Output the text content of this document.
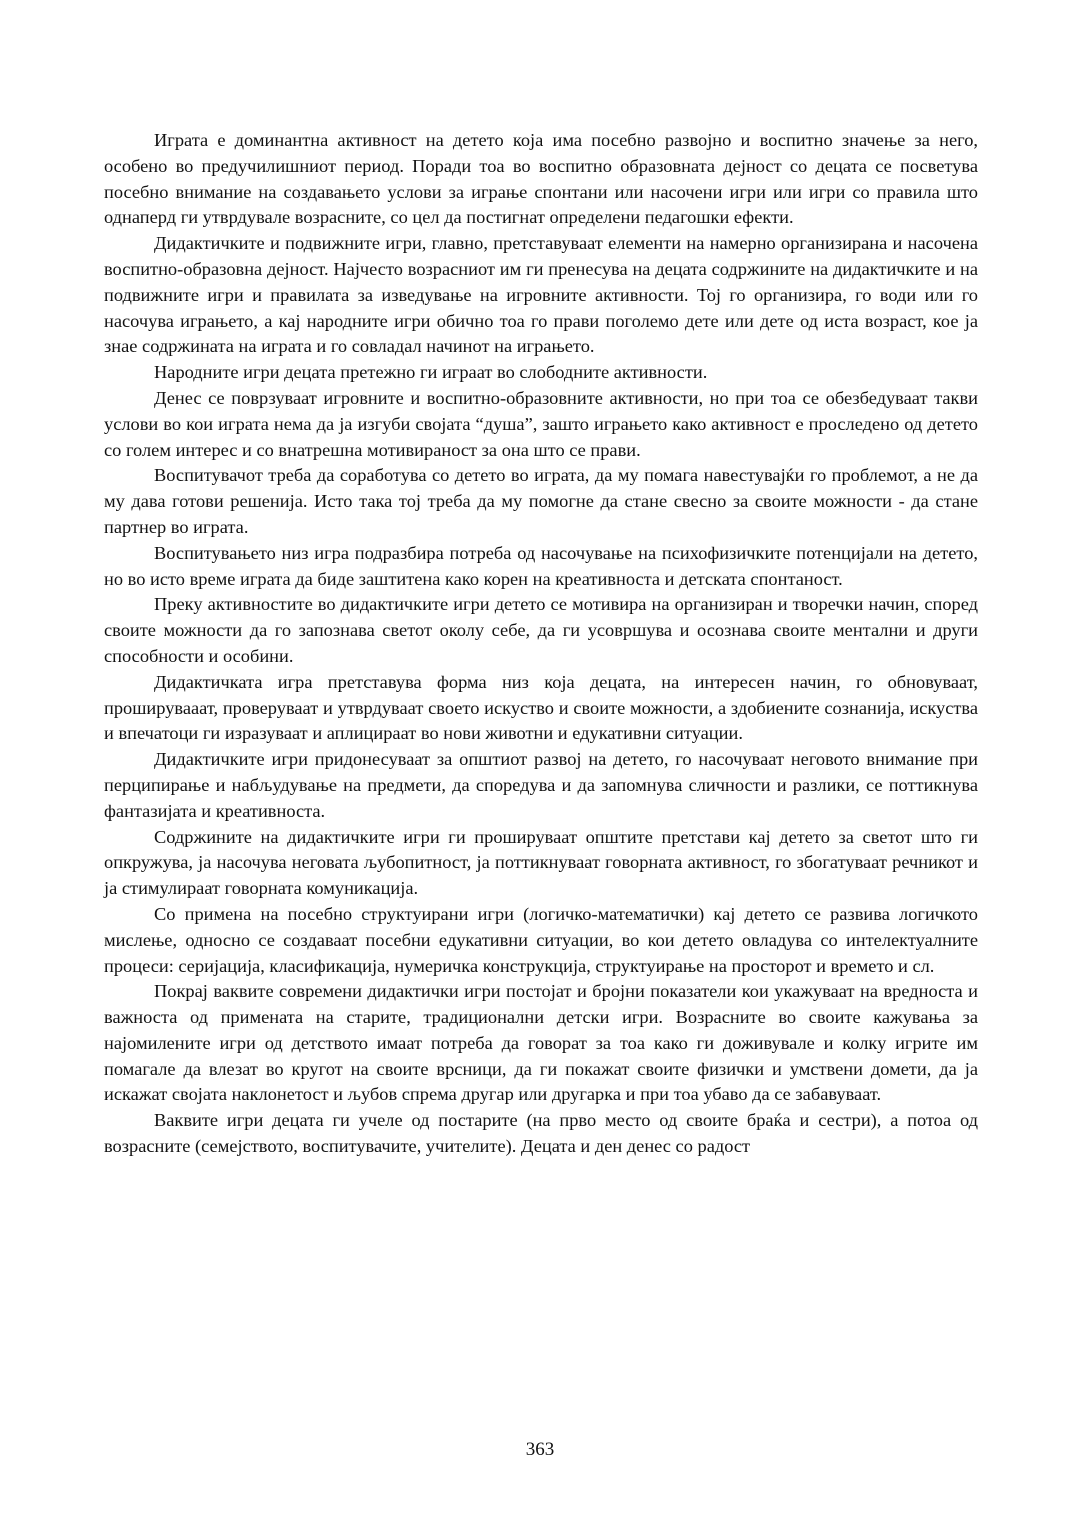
Играта е доминантна активност на детето која има посебно развојно и воспитно значење за него, особено во предучилишниот период. Поради тоа во воспитно образовната дејност со децата се посветува посебно внимание на создавањето услови за играње спонтани или насочени игри или игри со правила што однаперд ги утврдувале возрасните, со цел да постигнат определени педагошки ефекти.

Дидактичките и подвижните игри, главно, претставуваат елементи на намерно организирана и насочена воспитно-образовна дејност. Најчесто возрасниот им ги пренесува на децата содржините на дидактичките и на подвижните игри и правилата за изведување на игровните активности. Тој го организира, го води или го насочува играњето, а кај народните игри обично тоа го прави поголемо дете или дете од иста возраст, кое ја знае содржината на играта и го совладал начинот на играњето.

Народните игри децата претежно ги играат во слободните активности.

Денес се поврзуваат игровните и воспитно-образовните активности, но при тоа се обезбедуваат такви услови во кои играта нема да ја изгуби својата “душа”, зашто играњето како активност е проследено од детето со голем интерес и со внатрешна мотивираност за она што се прави.

Воспитувачот треба да соработува со детето во играта, да му помага навестувајќи го проблемот, а не да му дава готови решенија. Исто така тој треба да му помогне да стане свесно за своите можности - да стане партнер во играта.

Воспитувањето низ игра подразбира потреба од насочување на психофизичките потенцијали на детето, но во исто време играта да биде заштитена како корен на креативноста и детската спонтаност.

Преку активностите во дидактичките игри детето се мотивира на организиран и творечки начин, според своите можности да го запознава светот околу себе, да ги усовршува и осознава своите ментални и други способности и особини.

Дидактичката игра претставува форма низ која децата, на интересен начин, го обновуваат, проширувааат, проверуваат и утврдуваат своето искуство и своите можности, а здобиените сознанија, искуства и впечатоци ги изразуваат и аплицираат во нови животни и едукативни ситуации.

Дидактичките игри придонесуваат за општиот развој на детето, го насочуваат неговото внимание при перципирање и набљудување на предмети, да споредува и да запомнува сличности и разлики, се поттикнува фантазијата и креативноста.

Содржините на дидактичките игри ги прошируваат општите претстави кај детето за светот што ги опкружува, ја насочува неговата љубопитност, ја поттикнуваат говорната активност, го збогатуваат речникот и ја стимулираат говорната комуникација.

Со примена на посебно структуирани игри (логичко-математички) кај детето се развива логичкото мислење, односно се создаваат посебни едукативни ситуации, во кои детето овладува со интелектуалните процеси: серијација, класификација, нумеричка конструкција, структуирање на просторот и времето и сл.

Покрај ваквите современи дидактички игри постојат и бројни показатели кои укажуваат на вредноста и важноста од примената на старите, традиционални детски игри. Возрасните во своите кажувања за најомилените игри од детството имаат потреба да говорат за тоа како ги доживувале и колку игрите им помагале да влезат во кругот на своите врсници, да ги покажат своите физички и умствени домети, да ја искажат својата наклонетост и љубов спрема другар или другарка и при тоа убаво да се забавуваат.

Ваквите игри децата ги учеле од постарите (на прво место од своите браќа и сестри), а потоа од возрасните (семејството, воспитувачите, учителите). Децата и ден денес со радост

363
